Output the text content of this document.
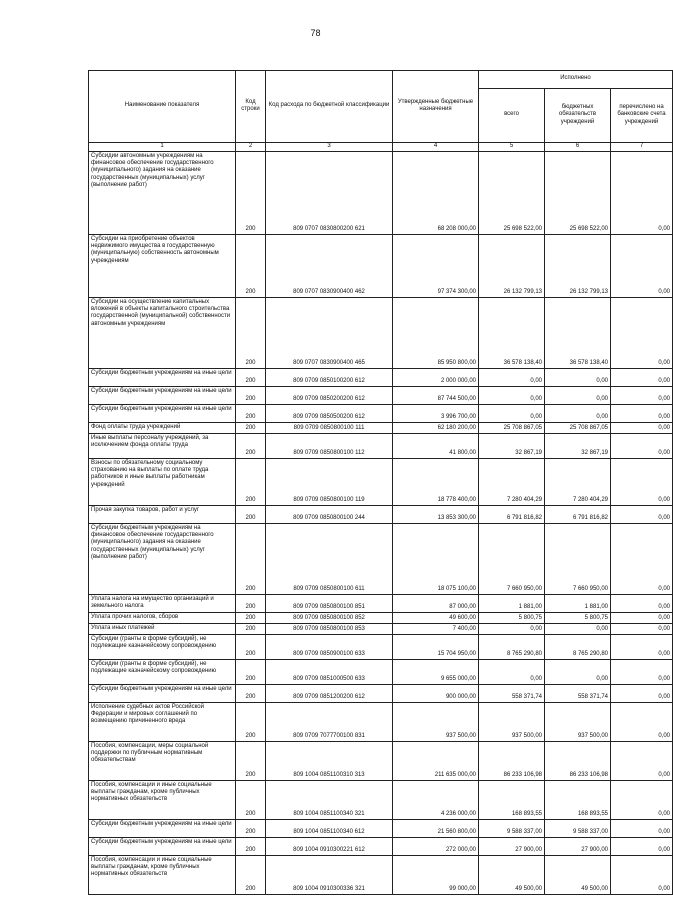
78
Наименование показателя	Код строки	Код расхода по бюджетной классификации	Утвержденные бюджетные назначения	Исполнено		
				всего	бюджетных обязательств учреждений	перечислено на банковские счета учреждений
1	2	3	4	5	6	7
Субсидии автономным учреждениям на финансовое обеспечение государственного (муниципального) задания на оказание государственных (муниципальных) услуг (выполнение работ)	200	809 0707 0830800200 621	68 208 000,00	25 698 522,00	25 698 522,00	0,00
Субсидии на приобретение объектов недвижимого имущества в государственную (муниципальную) собственность автономным учреждениям	200	809 0707 0830900400 462	97 374 300,00	26 132 799,13	26 132 799,13	0,00
Субсидии на осуществление капитальных вложений в объекты капитального строительства государственной (муниципальной) собственности автономным учреждениям	200	809 0707 0830900400 465	85 950 800,00	36 578 138,40	36 578 138,40	0,00
Субсидии бюджетным учреждениям на иные цели	200	809 0709 0850100200 612	2 000 000,00	0,00	0,00	0,00
Субсидии бюджетным учреждениям на иные цели	200	809 0709 0850200200 612	87 744 500,00	0,00	0,00	0,00
Субсидии бюджетным учреждениям на иные цели	200	809 0709 0850500200 612	3 996 700,00	0,00	0,00	0,00
Фонд оплаты труда учреждений	200	809 0709 0850800100 111	62 180 200,00	25 708 867,05	25 708 867,05	0,00
Иные выплаты персоналу учреждений, за исключением фонда оплаты труда	200	809 0709 0850800100 112	41 800,00	32 867,19	32 867,19	0,00
Взносы по обязательному социальному страхованию на выплаты по оплате труда работников и иные выплаты работникам учреждений	200	809 0709 0850800100 119	18 778 400,00	7 280 404,29	7 280 404,29	0,00
Прочая закупка товаров, работ и услуг	200	809 0709 0850800100 244	13 853 300,00	6 791 816,82	6 791 816,82	0,00
Субсидии бюджетным учреждениям на финансовое обеспечение государственного (муниципального) задания на оказание государственных (муниципальных) услуг (выполнение работ)	200	809 0709 0850800100 611	18 075 100,00	7 660 950,00	7 660 950,00	0,00
Уплата налога на имущество организаций и земельного налога	200	809 0709 0850800100 851	87 000,00	1 881,00	1 881,00	0,00
Уплата прочих налогов, сборов	200	809 0709 0850800100 852	49 600,00	5 800,75	5 800,75	0,00
Уплата иных платежей	200	809 0709 0850800100 853	7 400,00	0,00	0,00	0,00
Субсидии (гранты в форме субсидий), не подлежащие казначейскому сопровождению	200	809 0709 0850900100 633	15 704 950,00	8 765 290,80	8 765 290,80	0,00
Субсидии (гранты в форме субсидий), не подлежащие казначейскому сопровождению	200	809 0709 0851000500 633	9 655 000,00	0,00	0,00	0,00
Субсидии бюджетным учреждениям на иные цели	200	809 0709 0851200200 612	900 000,00	558 371,74	558 371,74	0,00
Исполнение судебных актов Российской Федерации и мировых соглашений по возмещению причиненного вреда	200	809 0709 7077700100 831	937 500,00	937 500,00	937 500,00	0,00
Пособия, компенсации, меры социальной поддержки по публичным нормативным обязательствам	200	809 1004 0851100310 313	211 635 000,00	86 233 106,98	86 233 106,98	0,00
Пособия, компенсации и иные социальные выплаты гражданам, кроме публичных нормативных обязательств	200	809 1004 0851100340 321	4 236 000,00	168 893,55	168 893,55	0,00
Субсидии бюджетным учреждениям на иные цели	200	809 1004 0851100340 612	21 560 800,00	9 588 337,00	9 588 337,00	0,00
Субсидии бюджетным учреждениям на иные цели	200	809 1004 0910300221 612	272 000,00	27 900,00	27 900,00	0,00
Пособия, компенсации и иные социальные выплаты гражданам, кроме публичных нормативных обязательств	200	809 1004 0910300336 321	99 000,00	49 500,00	49 500,00	0,00
